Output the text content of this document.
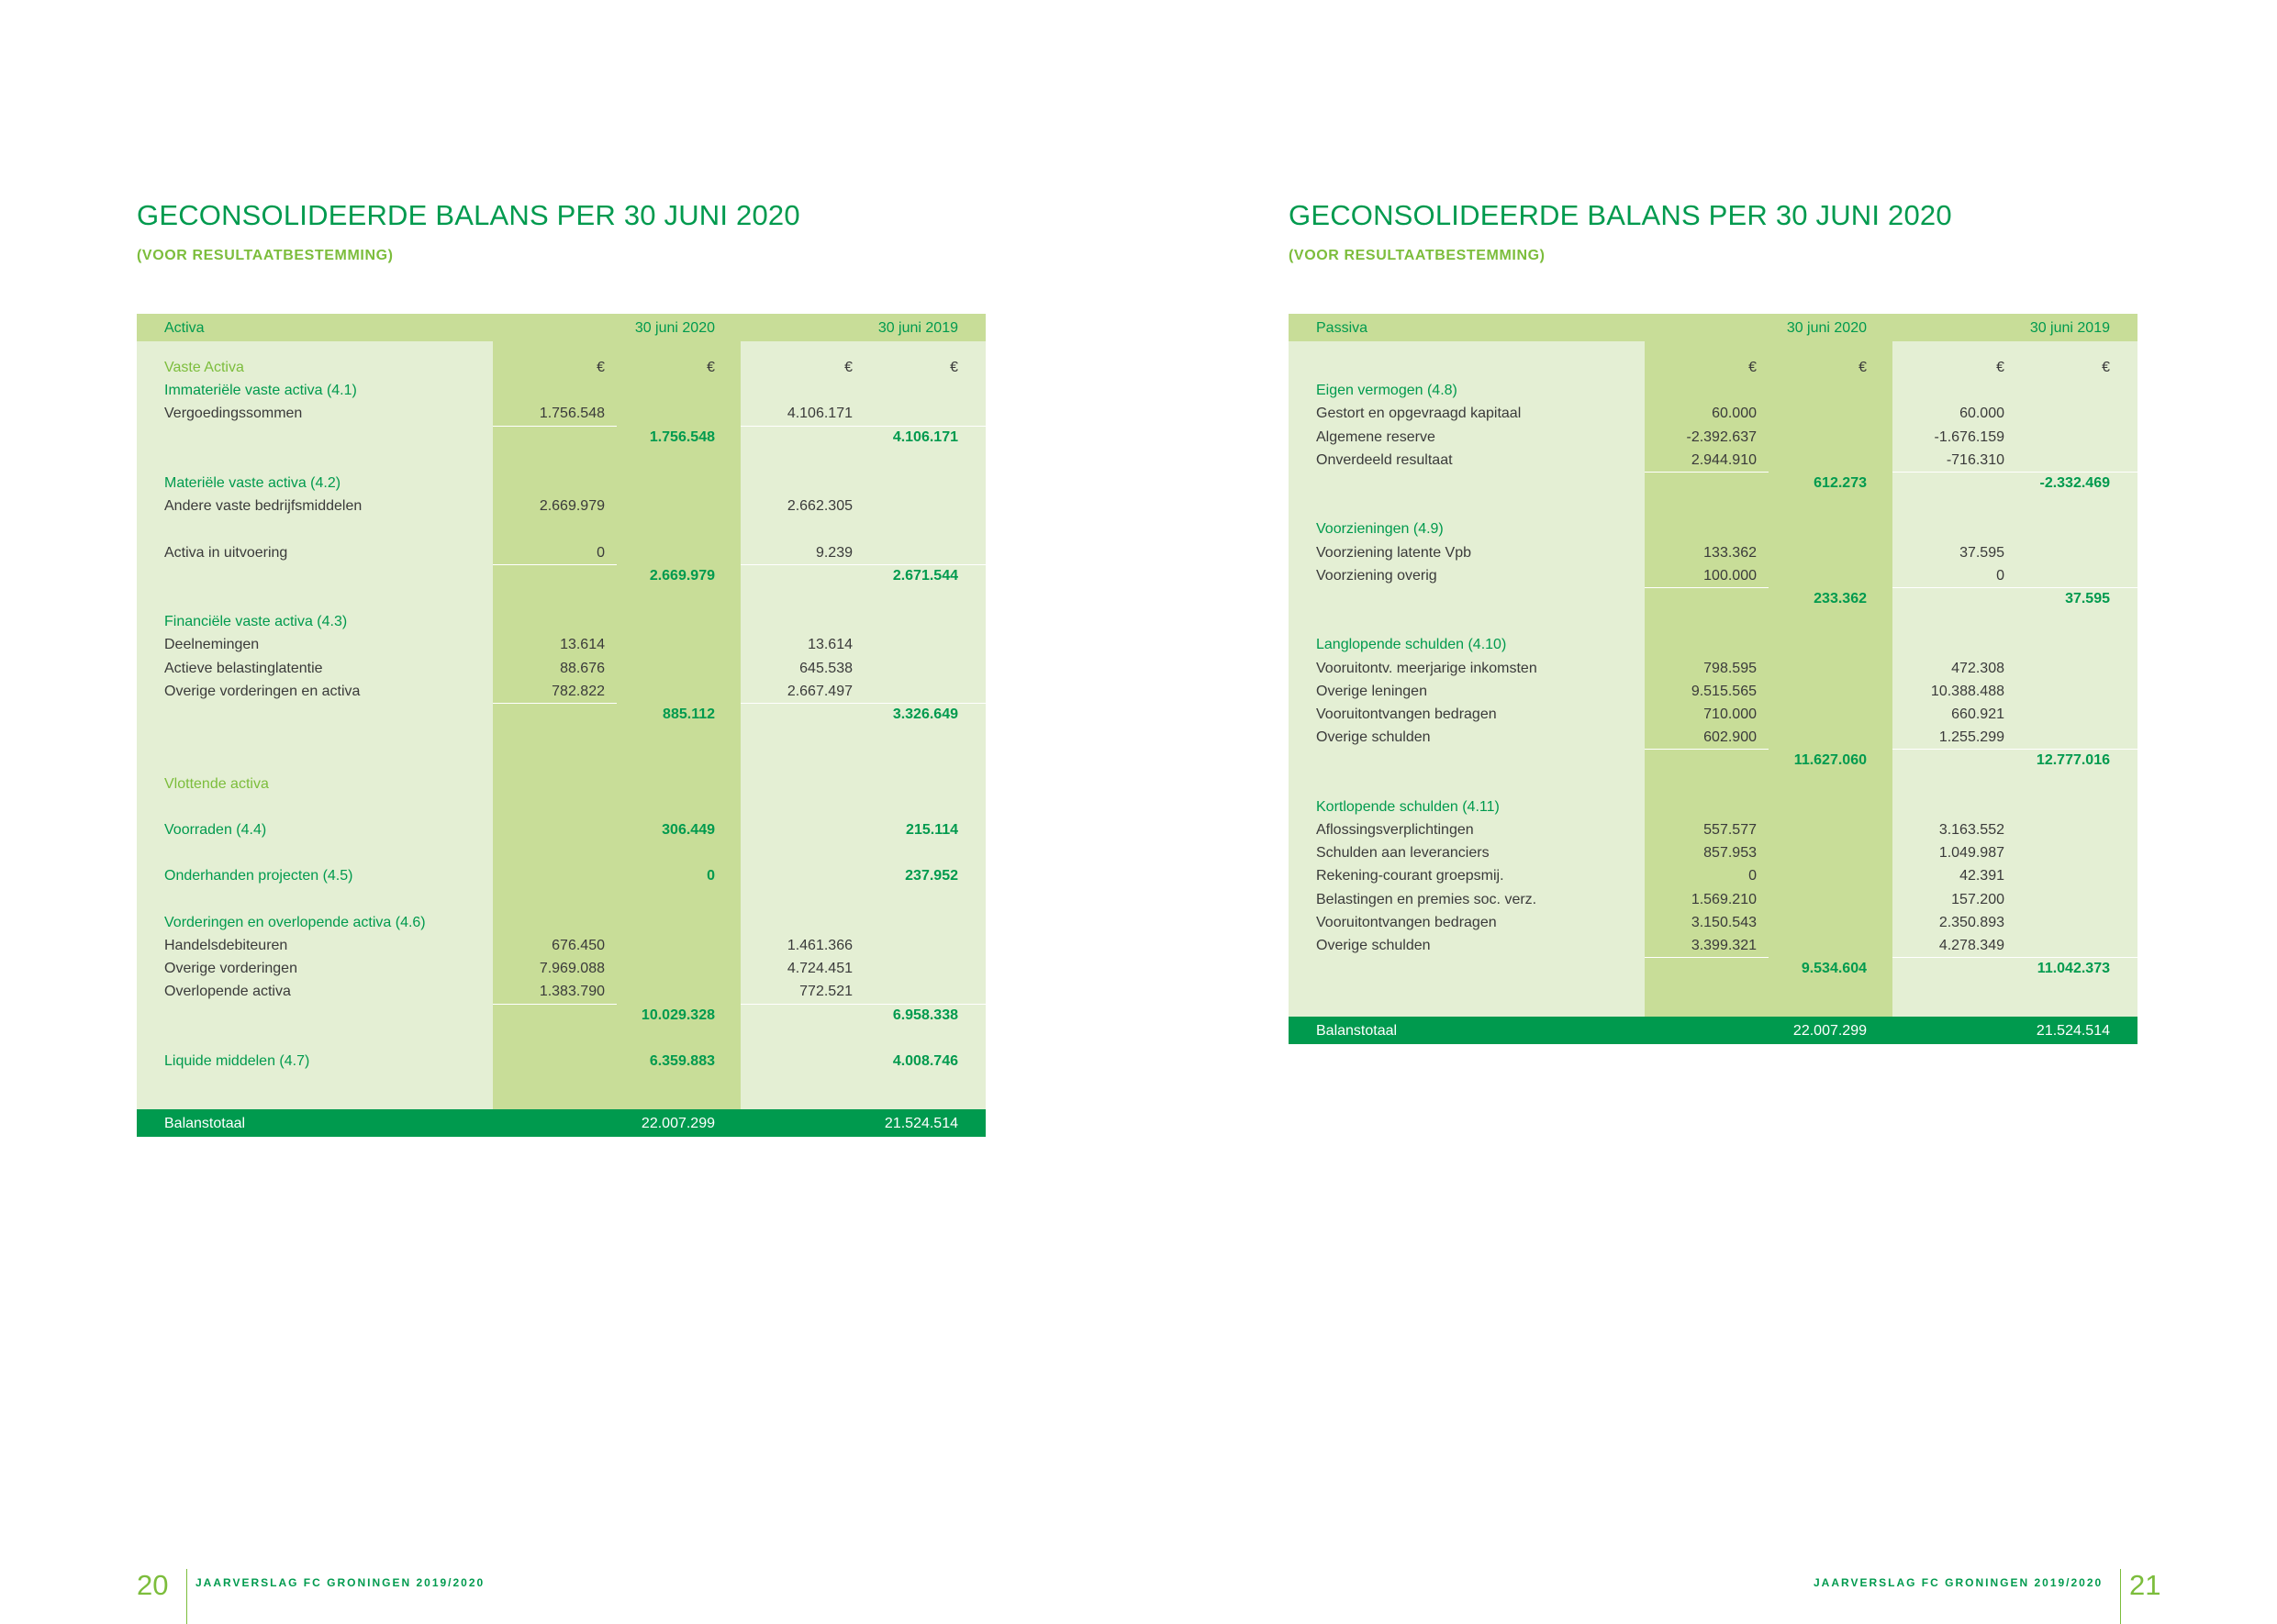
GECONSOLIDEERDE BALANS PER 30 JUNI 2020
(VOOR RESULTAATBESTEMMING)
Activa	30 juni 2020	30 juni 2019
Vaste Activa	€	€	€	€
Immateriële vaste activa (4.1)
Vergoedingssommen	1.756.548	4.106.171
1.756.548	4.106.171
Materiële vaste activa (4.2)
Andere vaste bedrijfsmiddelen	2.669.979	2.662.305
Activa in uitvoering	0	9.239
2.669.979	2.671.544
Financiële vaste activa (4.3)
Deelnemingen	13.614	13.614
Actieve belastinglatentie	88.676	645.538
Overige vorderingen en activa	782.822	2.667.497
885.112	3.326.649
Vlottende activa
Voorraden (4.4)	306.449	215.114
Onderhanden projecten (4.5)	0	237.952
Vorderingen en overlopende activa (4.6)
Handelsdebiteuren	676.450	1.461.366
Overige vorderingen	7.969.088	4.724.451
Overlopende activa	1.383.790	772.521
10.029.328	6.958.338
Liquide middelen (4.7)	6.359.883	4.008.746
Balanstotaal	22.007.299	21.524.514
20 JAARVERSLAG FC GRONINGEN 2019/2020
GECONSOLIDEERDE BALANS PER 30 JUNI 2020
(VOOR RESULTAATBESTEMMING)
Passiva	30 juni 2020	30 juni 2019
€	€	€	€
Eigen vermogen (4.8)
Gestort en opgevraagd kapitaal	60.000	60.000
Algemene reserve	-2.392.637	-1.676.159
Onverdeeld resultaat	2.944.910	-716.310
612.273	-2.332.469
Voorzieningen (4.9)
Voorziening latente Vpb	133.362	37.595
Voorziening overig	100.000	0
233.362	37.595
Langlopende schulden (4.10)
Vooruitontv. meerjarige inkomsten	798.595	472.308
Overige leningen	9.515.565	10.388.488
Vooruitontvangen bedragen	710.000	660.921
Overige schulden	602.900	1.255.299
11.627.060	12.777.016
Kortlopende schulden (4.11)
Aflossingsverplichtingen	557.577	3.163.552
Schulden aan leveranciers	857.953	1.049.987
Rekening-courant groepsmij.	0	42.391
Belastingen en premies soc. verz.	1.569.210	157.200
Vooruitontvangen bedragen	3.150.543	2.350.893
Overige schulden	3.399.321	4.278.349
9.534.604	11.042.373
Balanstotaal	22.007.299	21.524.514
JAARVERSLAG FC GRONINGEN 2019/2020 21
